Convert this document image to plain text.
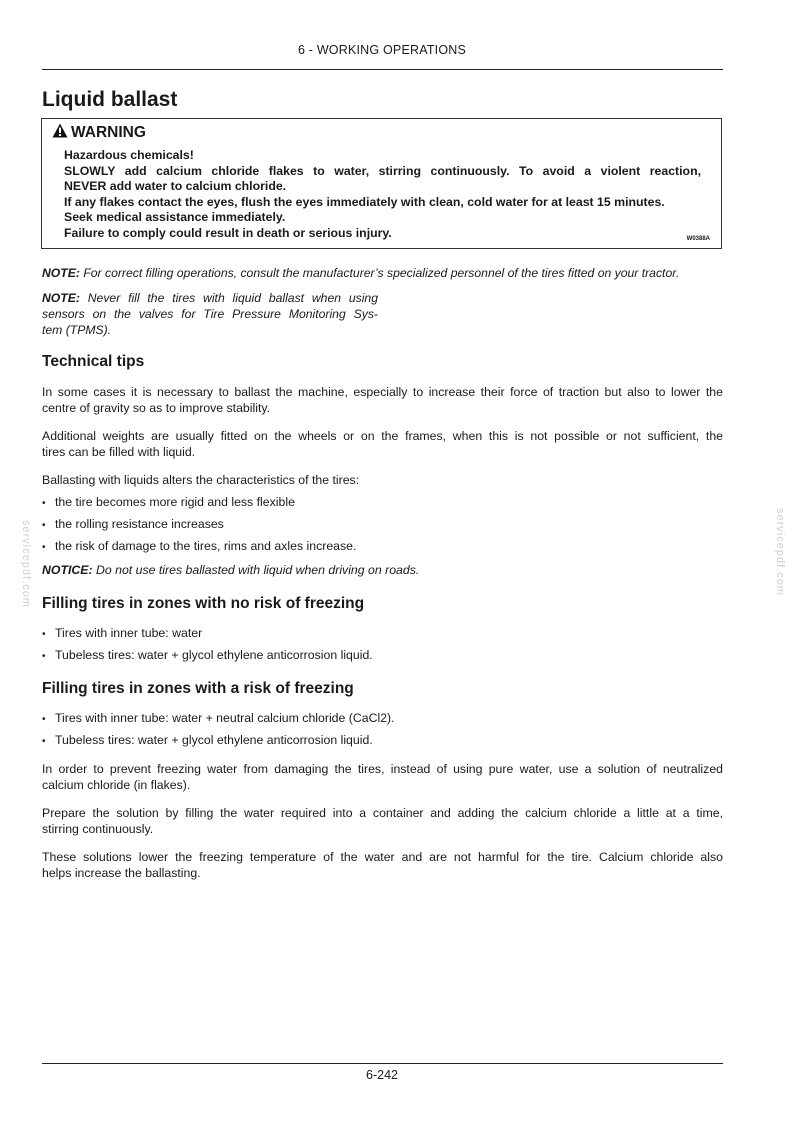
6 - WORKING OPERATIONS
Liquid ballast
WARNING
Hazardous chemicals!
SLOWLY add calcium chloride flakes to water, stirring continuously. To avoid a violent reaction,
NEVER add water to calcium chloride.
If any flakes contact the eyes, flush the eyes immediately with clean, cold water for at least 15 minutes.
Seek medical assistance immediately.
Failure to comply could result in death or serious injury.	W0388A
NOTE: For correct filling operations, consult the manufacturer’s specialized personnel of the tires fitted on your tractor.
NOTE: Never fill the tires with liquid ballast when using
sensors on the valves for Tire Pressure Monitoring Sys-
tem (TPMS).
Technical tips
In some cases it is necessary to ballast the machine, especially to increase their force of traction but also to lower the
centre of gravity so as to improve stability.
Additional weights are usually fitted on the wheels or on the frames, when this is not possible or not sufficient, the
tires can be filled with liquid.
Ballasting with liquids alters the characteristics of the tires:
• the tire becomes more rigid and less flexible
• the rolling resistance increases
• the risk of damage to the tires, rims and axles increase.
NOTICE: Do not use tires ballasted with liquid when driving on roads.
Filling tires in zones with no risk of freezing
• Tires with inner tube: water
• Tubeless tires: water + glycol ethylene anticorrosion liquid.
Filling tires in zones with a risk of freezing
• Tires with inner tube: water + neutral calcium chloride (CaCl2).
• Tubeless tires: water + glycol ethylene anticorrosion liquid.
In order to prevent freezing water from damaging the tires, instead of using pure water, use a solution of neutralized
calcium chloride (in flakes).
Prepare the solution by filling the water required into a container and adding the calcium chloride a little at a time,
stirring continuously.
These solutions lower the freezing temperature of the water and are not harmful for the tire. Calcium chloride also
helps increase the ballasting.
servicepdf.com	servicepdf.com
6-242
